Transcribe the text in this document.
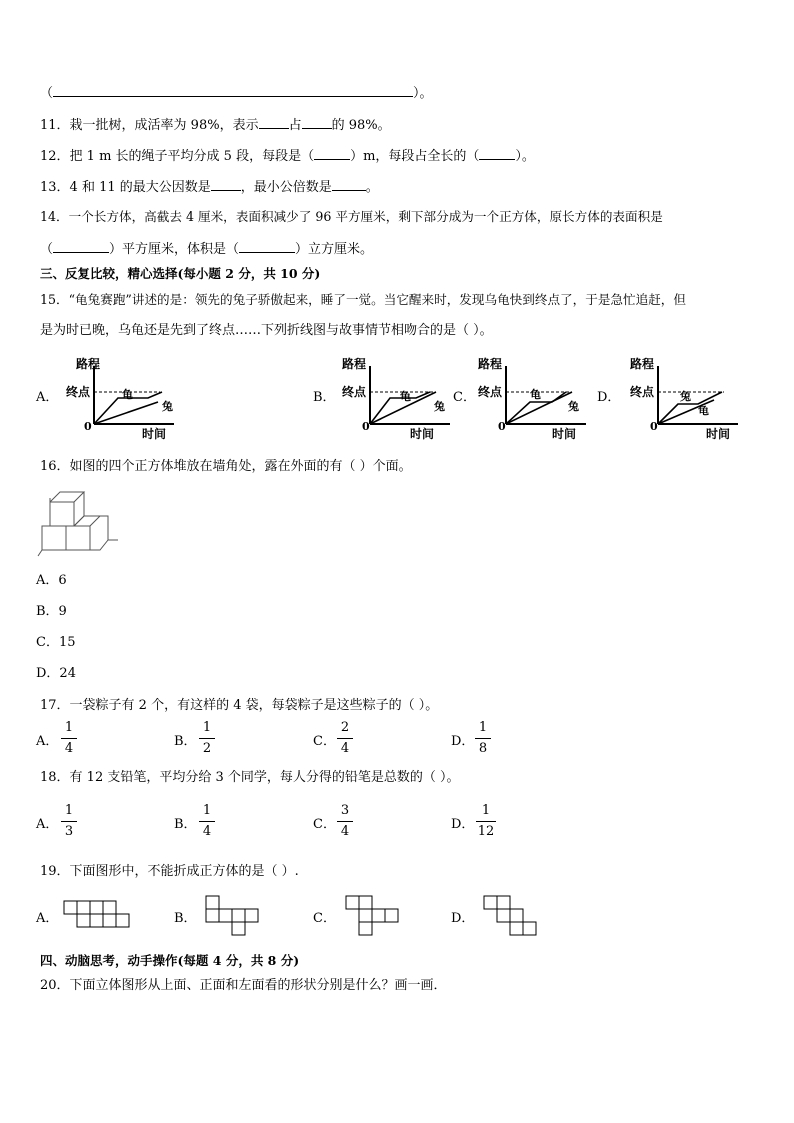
（	）。
11．栽一批树，成活率为 98%，表示 占 的 98%。
12．把 1 m 长的绳子平均分成 5 段，每段是（	）m，每段占全长的（	）。
13．4 和 11 的最大公因数是 ，最小公倍数是	。
14．一个长方体，高截去 4 厘米，表面积减少了 96 平方厘米，剩下部分成为一个正方体，原长方体的表面积是
（	）平方厘米，体积是（	）立方厘米。
三、反复比较，精心选择(每小题 2 分，共 10 分)
15．“龟兔赛跑”讲述的是：领先的兔子骄傲起来，睡了一觉。当它醒来时，发现乌龟快到终点了，于是急忙追赶，但
是为时已晚，乌龟还是先到了终点……下列折线图与故事情节相吻合的是（ ）。
A．	B．	C．	D．
路程
终点	龟
兔
0
时间
路程
终点	龟
兔
0
时间
路程
终点	龟
兔
0
时间
路程
终点 兔
龟
0
时间
16．如图的四个正方体堆放在墙角处，露在外面的有（ ）个面。
A．6
B．9
C．15
D．24
17．一袋粽子有 2 个，有这样的 4 袋，每袋粽子是这些粽子的（ ）。
A．
1
4	B．
1
2	C．
2
4	D．
1
8
18．有 12 支铅笔，平均分给 3 个同学，每人分得的铅笔是总数的（ ）。
A．
1
3	B．
1
4	C．
3
4	D．
1
12
19．下面图形中，不能折成正方体的是（ ）.
A．	B．	C．	D．
四、动脑思考，动手操作(每题 4 分，共 8 分)
20．下面立体图形从上面、正面和左面看的形状分别是什么？画一画．
